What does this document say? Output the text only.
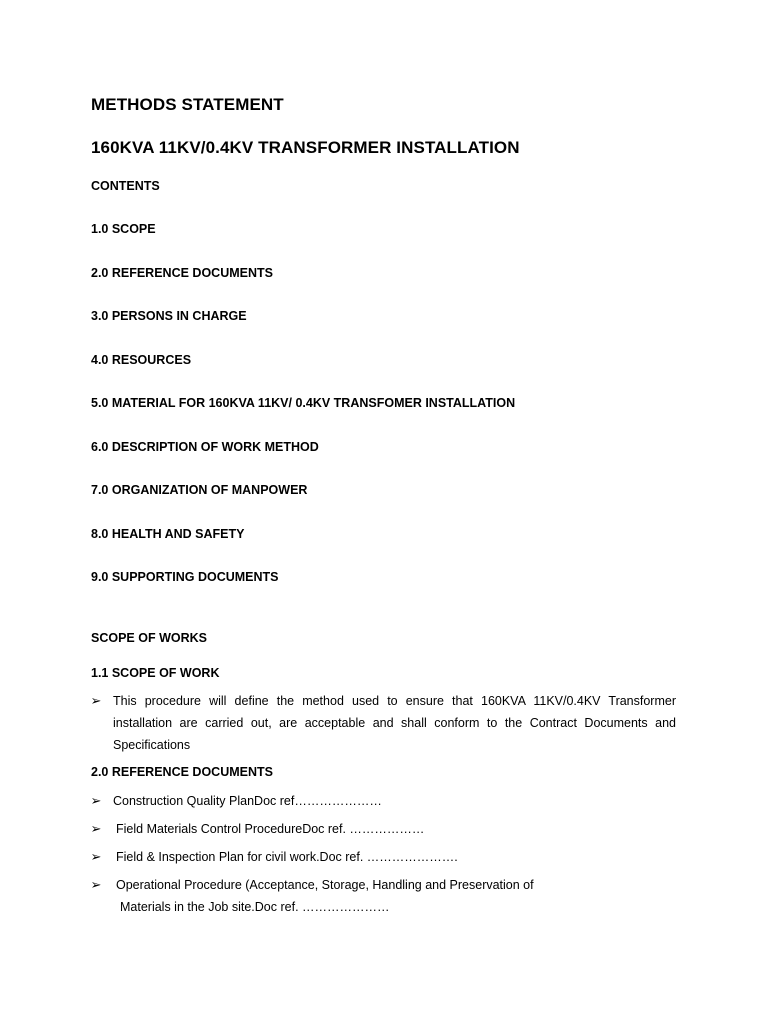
METHODS STATEMENT
160KVA 11KV/0.4KV TRANSFORMER INSTALLATION
CONTENTS
1.0 SCOPE
2.0 REFERENCE DOCUMENTS
3.0 PERSONS IN CHARGE
4.0 RESOURCES
5.0 MATERIAL FOR 160KVA 11KV/ 0.4KV TRANSFOMER INSTALLATION
6.0 DESCRIPTION OF WORK METHOD
7.0 ORGANIZATION OF MANPOWER
8.0 HEALTH AND SAFETY
9.0 SUPPORTING DOCUMENTS
SCOPE OF WORKS
1.1 SCOPE OF WORK
➢ This procedure will define the method used to ensure that 160KVA 11KV/0.4KV Transformer installation are carried out, are acceptable and shall conform to the Contract Documents and Specifications
2.0 REFERENCE DOCUMENTS
➢ Construction Quality PlanDoc ref…………………
➢ Field Materials Control ProcedureDoc ref. ………………
➢ Field & Inspection Plan for civil work.Doc ref. ………………….
➢ Operational Procedure (Acceptance, Storage, Handling and Preservation of
Materials in the Job site.Doc ref. …………………
